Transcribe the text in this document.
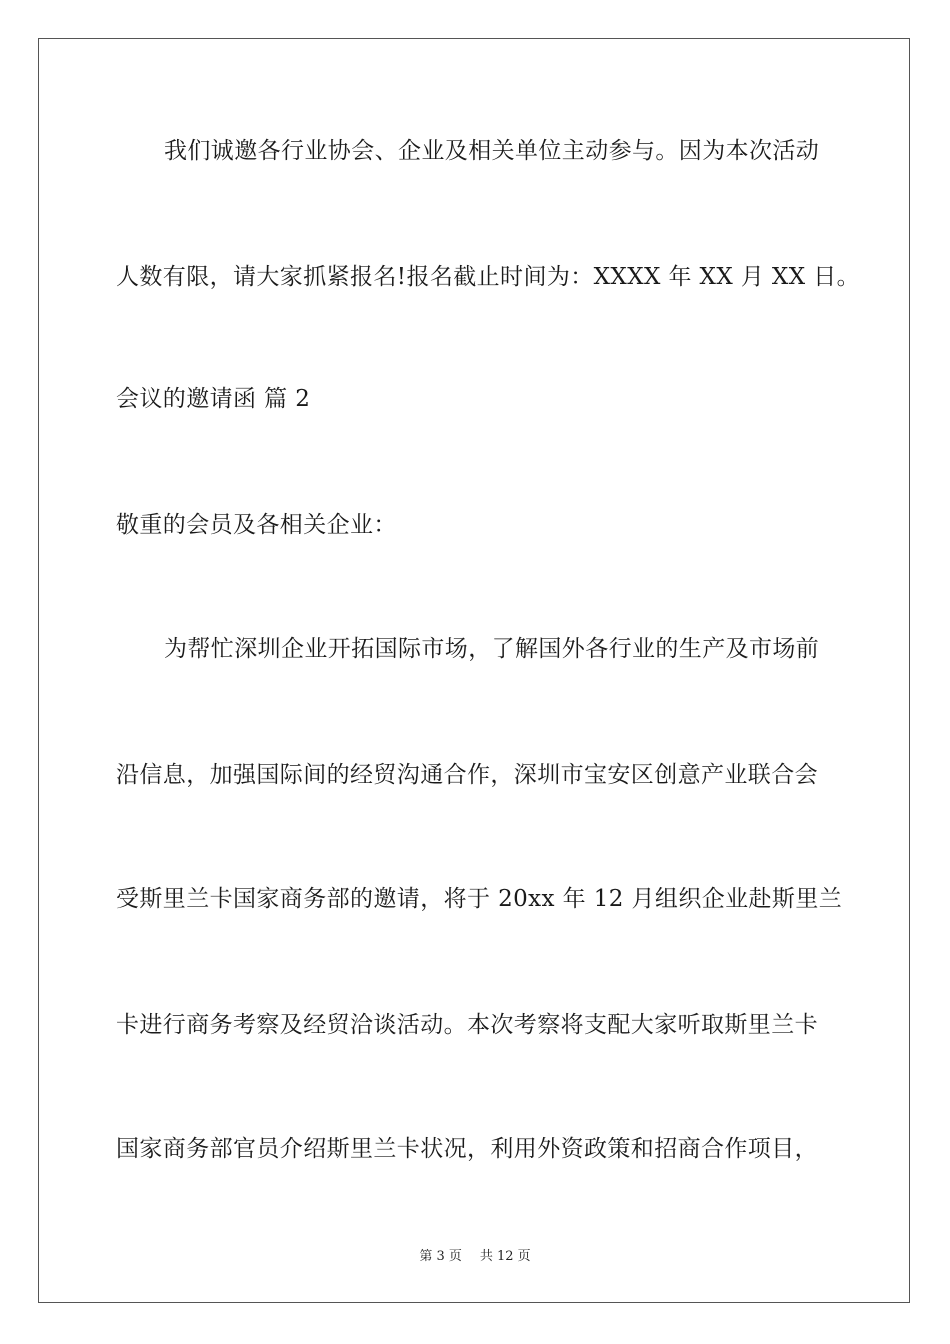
我们诚邀各行业协会、企业及相关单位主动参与。因为本次活动
人数有限，请大家抓紧报名!报名截止时间为：XXXX 年 XX 月 XX 日。
会议的邀请函 篇 2
敬重的会员及各相关企业：
为帮忙深圳企业开拓国际市场，了解国外各行业的生产及市场前
沿信息，加强国际间的经贸沟通合作，深圳市宝安区创意产业联合会
受斯里兰卡国家商务部的邀请，将于 20xx 年 12 月组织企业赴斯里兰
卡进行商务考察及经贸洽谈活动。本次考察将支配大家听取斯里兰卡
国家商务部官员介绍斯里兰卡状况，利用外资政策和招商合作项目，
第 3 页 共 12 页
